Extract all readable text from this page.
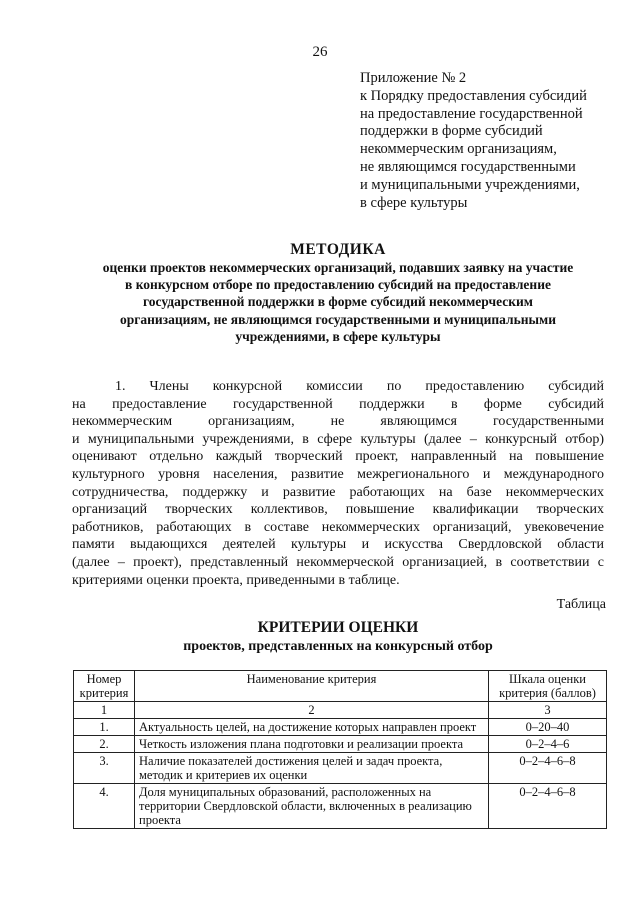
26
Приложение № 2
к Порядку предоставления субсидий
на предоставление государственной
поддержки в форме субсидий
некоммерческим организациям,
не являющимся государственными
и муниципальными учреждениями,
в сфере культуры
МЕТОДИКА
оценки проектов некоммерческих организаций, подавших заявку на участие
в конкурсном отборе по предоставлению субсидий на предоставление
государственной поддержки в форме субсидий некоммерческим
организациям, не являющимся государственными и муниципальными
учреждениями, в сфере культуры
1. Члены конкурсной комиссии по предоставлению субсидий
на предоставление государственной поддержки в форме субсидий
некоммерческим организациям, не являющимся государственными
и муниципальными учреждениями, в сфере культуры (далее – конкурсный отбор)
оценивают отдельно каждый творческий проект, направленный на повышение
культурного уровня населения, развитие межрегионального и международного
сотрудничества, поддержку и развитие работающих на базе некоммерческих
организаций творческих коллективов, повышение квалификации творческих
работников, работающих в составе некоммерческих организаций, увековечение
памяти выдающихся деятелей культуры и искусства Свердловской области
(далее – проект), представленный некоммерческой организацией, в соответствии с
критериями оценки проекта, приведенными в таблице.
Таблица
КРИТЕРИИ ОЦЕНКИ
проектов, представленных на конкурсный отбор
Номер критерия	Наименование критерия	Шкала оценки критерия (баллов)
1	2	3
1.	Актуальность целей, на достижение которых направлен проект	0–20–40
2.	Четкость изложения плана подготовки и реализации проекта	0–2–4–6
3.	Наличие показателей достижения целей и задач проекта, методик и критериев их оценки	0–2–4–6–8
4.	Доля муниципальных образований, расположенных на территории Свердловской области, включенных в реализацию проекта	0–2–4–6–8
